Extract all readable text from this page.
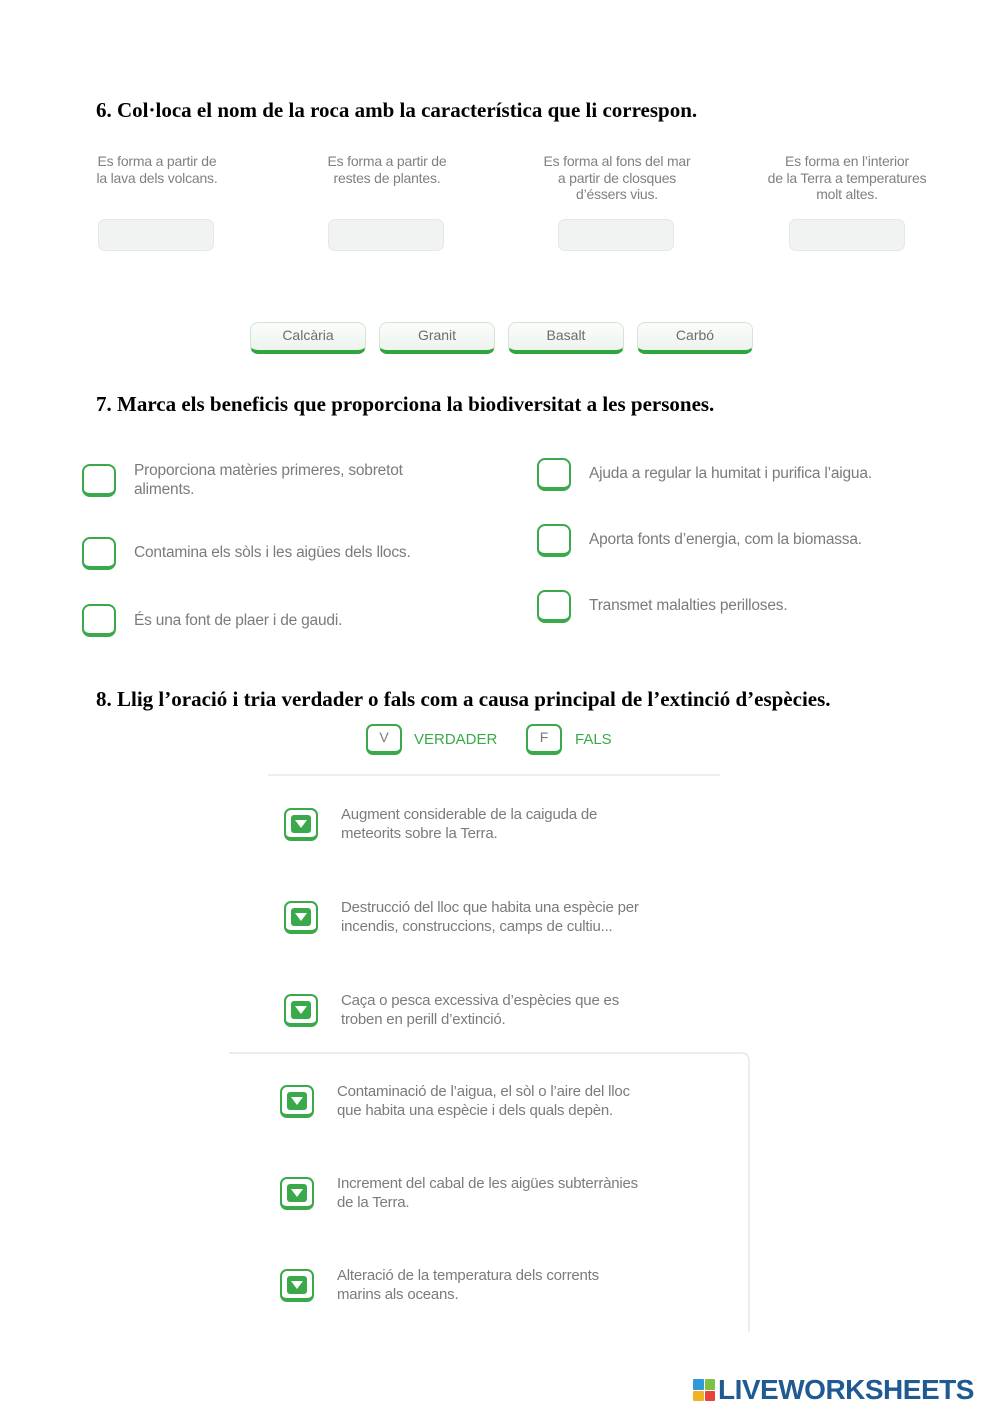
6. Col·loca el nom de la roca amb la característica que li correspon.
Es forma a partir de
la lava dels volcans.
Es forma a partir de
restes de plantes.
Es forma al fons del mar
a partir de closques
d’éssers vius.
Es forma en l’interior
de la Terra a temperatures
molt altes.
Calcària	Granit	Basalt	Carbó
7. Marca els beneficis que proporciona la biodiversitat a les persones.
Proporciona matèries primeres, sobretot
aliments.
Contamina els sòls i les aigües dels llocs.
És una font de plaer i de gaudi.
Ajuda a regular la humitat i purifica l’aigua.
Aporta fonts d’energia, com la biomassa.
Transmet malalties perilloses.
8. Llig l’oració i tria verdader o fals com a causa principal de l’extinció d’espècies.
V	VERDADER	F	FALS
Augment considerable de la caiguda de
meteorits sobre la Terra.
Destrucció del lloc que habita una espècie per
incendis, construccions, camps de cultiu...
Caça o pesca excessiva d’espècies que es
troben en perill d’extinció.
Contaminació de l’aigua, el sòl o l’aire del lloc
que habita una espècie i dels quals depèn.
Increment del cabal de les aigües subterrànies
de la Terra.
Alteració de la temperatura dels corrents
marins als oceans.
LIVEWORKSHEETS
